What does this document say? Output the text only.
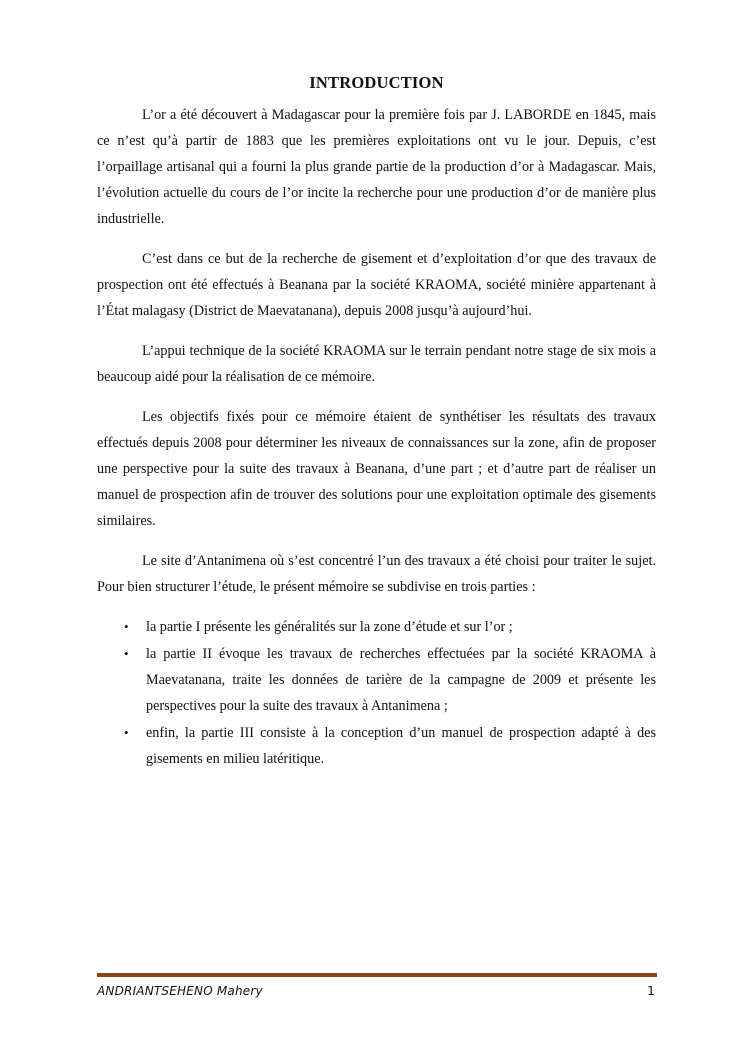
INTRODUCTION

L’or a été découvert à Madagascar pour la première fois par J. LABORDE en 1845, mais ce n’est qu’à partir de 1883 que les premières exploitations ont vu le jour. Depuis, c’est l’orpaillage artisanal qui a fourni la plus grande partie de la production d’or à Madagascar. Mais, l’évolution actuelle du cours de l’or incite la recherche pour une production d’or de manière plus industrielle.

C’est dans ce but de la recherche de gisement et d’exploitation d’or que des travaux de prospection ont été effectués à Beanana par la société KRAOMA, société minière appartenant à l’État malagasy (District de Maevatanana), depuis 2008 jusqu’à aujourd’hui.

L’appui technique de la société KRAOMA sur le terrain pendant notre stage de six mois a beaucoup aidé pour la réalisation de ce mémoire.

Les objectifs fixés pour ce mémoire étaient de synthétiser les résultats des travaux effectués depuis 2008 pour déterminer les niveaux de connaissances sur la zone, afin de proposer une perspective pour la suite des travaux à Beanana, d’une part ; et d’autre part de réaliser un manuel de prospection afin de trouver des solutions pour une exploitation optimale des gisements similaires.

Le site d’Antanimena où s’est concentré l’un des travaux a été choisi pour traiter le sujet. Pour bien structurer l’étude, le présent mémoire se subdivise en trois parties :

• la partie I présente les généralités sur la zone d’étude et sur l’or ;
• la partie II évoque les travaux de recherches effectuées par la société KRAOMA à Maevatanana, traite les données de tarière de la campagne de 2009 et présente les perspectives pour la suite des travaux à Antanimena ;
• enfin, la partie III consiste à la conception d’un manuel de prospection adapté à des gisements en milieu latéritique.
ANDRIANTSEHENO Mahery	1
